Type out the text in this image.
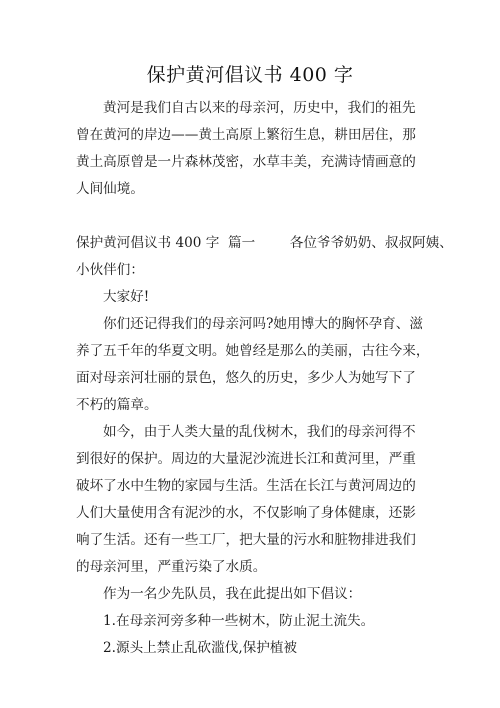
保护黄河倡议书 400 字
黄河是我们自古以来的母亲河，历史中，我们的祖先
曾在黄河的岸边——黄土高原上繁衍生息，耕田居住，那
黄土高原曾是一片森林茂密，水草丰美，充满诗情画意的
人间仙境。
保护黄河倡议书 400 字  篇一        各位爷爷奶奶、叔叔阿姨、
小伙伴们：
大家好!
你们还记得我们的母亲河吗?她用博大的胸怀孕育、滋
养了五千年的华夏文明。她曾经是那么的美丽，古往今来，
面对母亲河壮丽的景色，悠久的历史，多少人为她写下了
不朽的篇章。
如今，由于人类大量的乱伐树木，我们的母亲河得不
到很好的保护。周边的大量泥沙流进长江和黄河里，严重
破坏了水中生物的家园与生活。生活在长江与黄河周边的
人们大量使用含有泥沙的水，不仅影响了身体健康，还影
响了生活。还有一些工厂，把大量的污水和脏物排进我们
的母亲河里，严重污染了水质。
作为一名少先队员，我在此提出如下倡议：
1.在母亲河旁多种一些树木，防止泥土流失。
2.源头上禁止乱砍滥伐,保护植被
